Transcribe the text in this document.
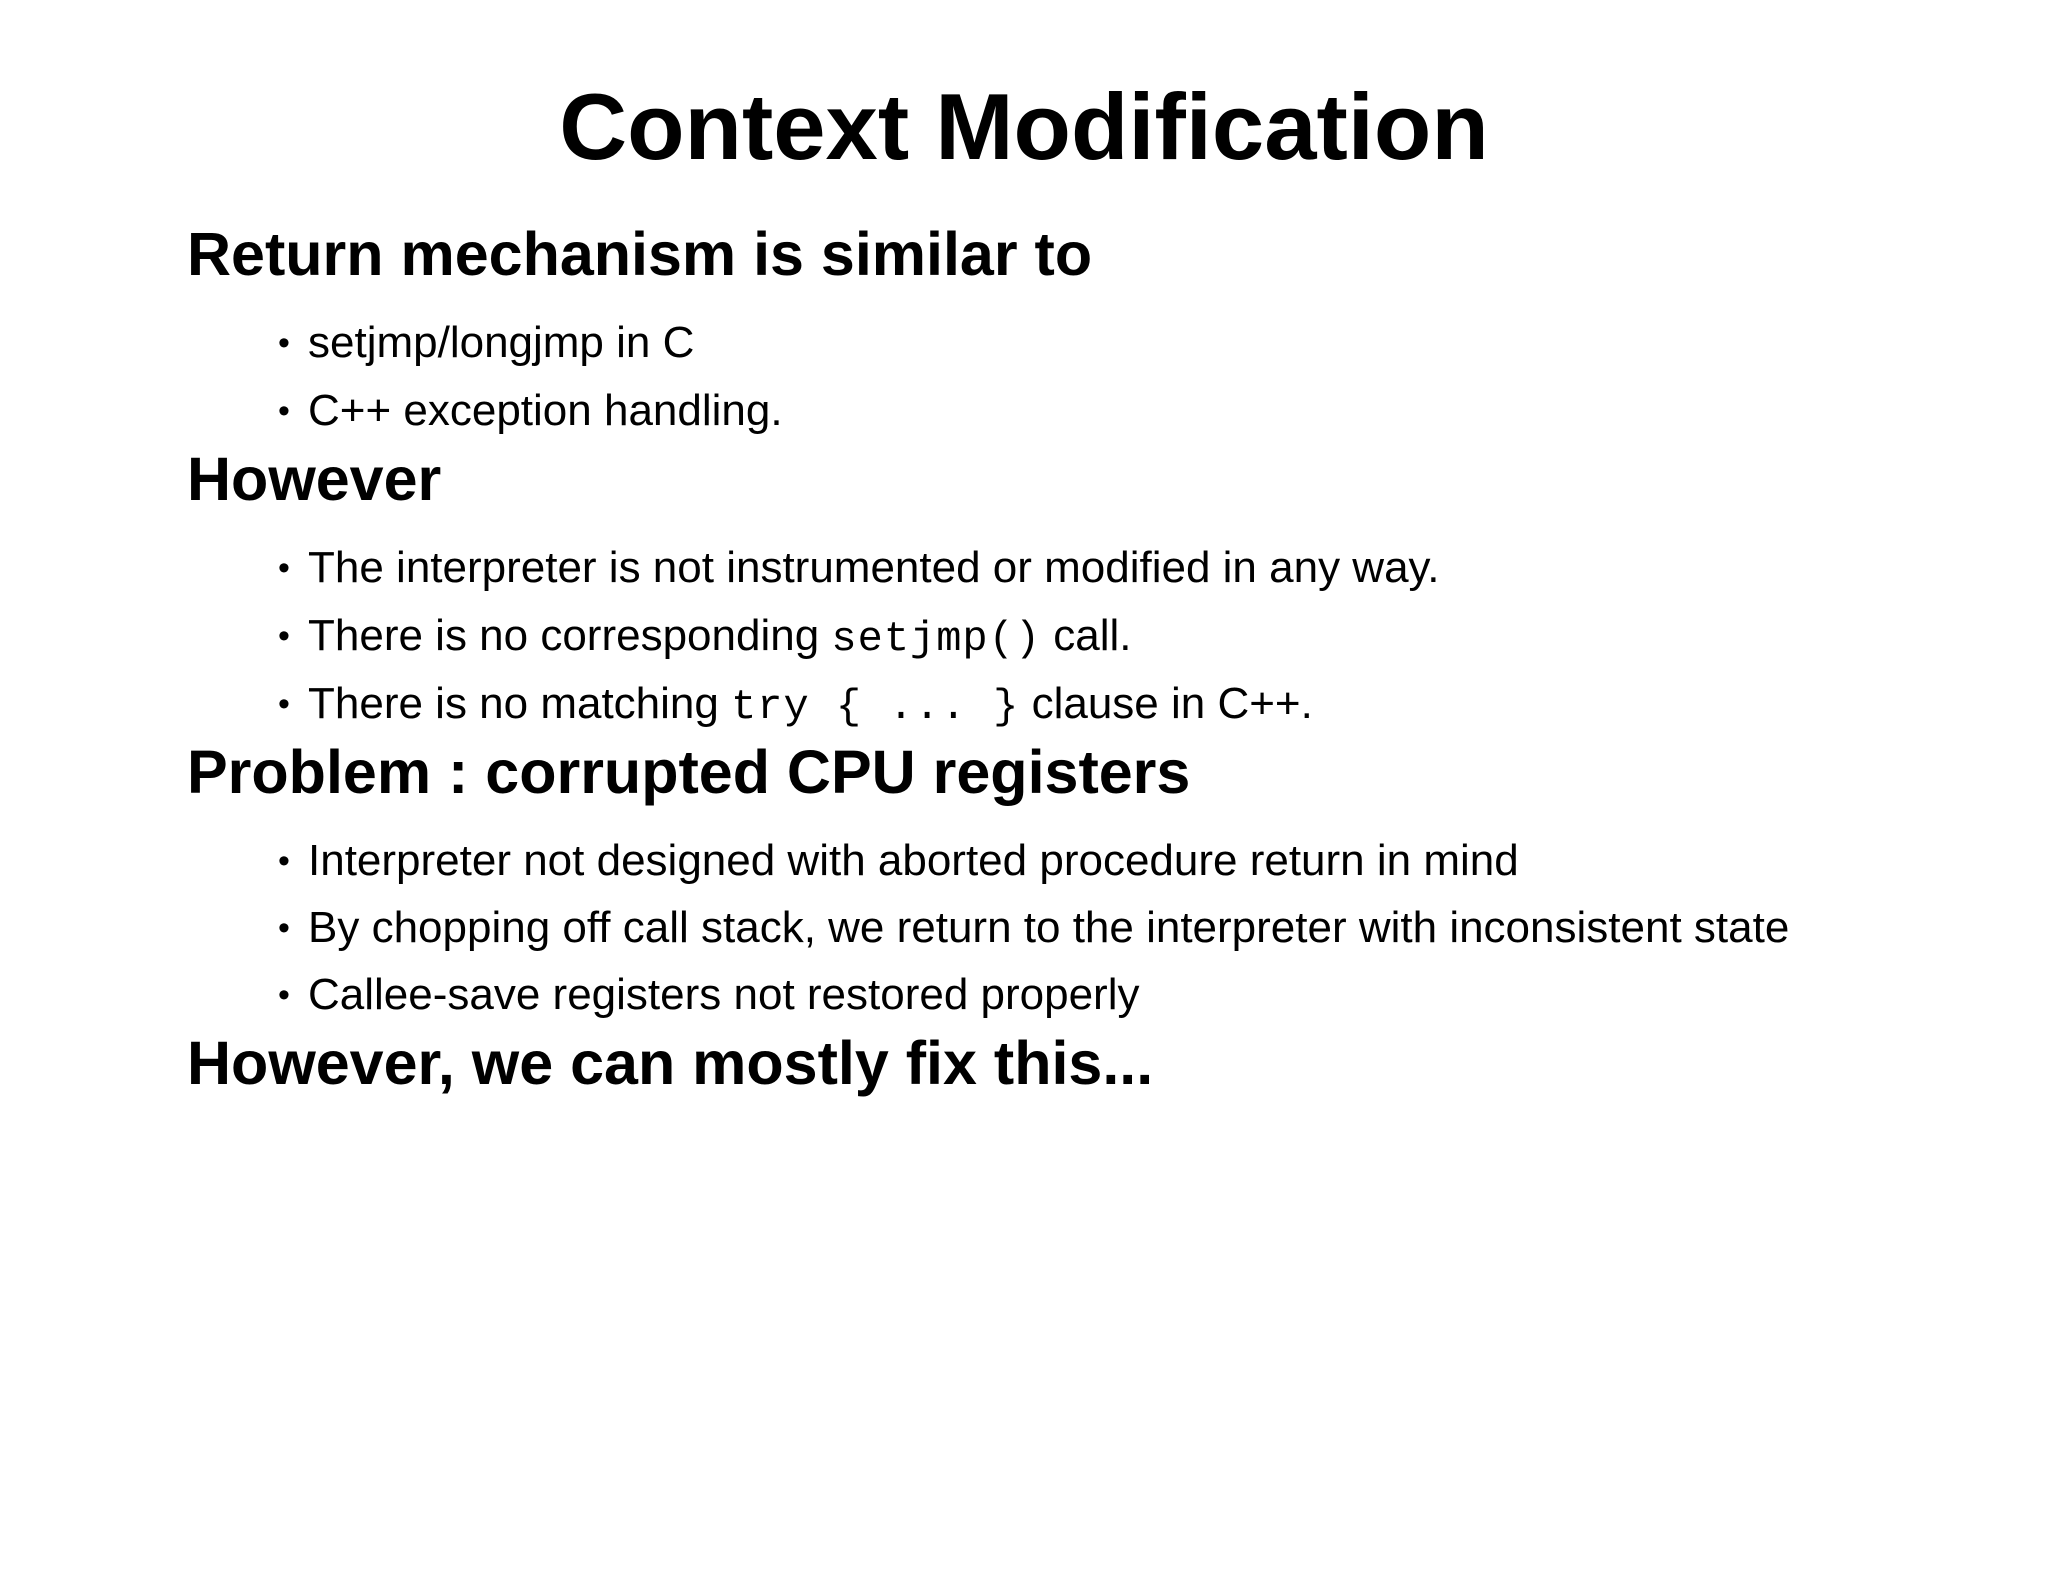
Context Modification
Return mechanism is similar to
• setjmp/longjmp in C
• C++ exception handling.
However
• The interpreter is not instrumented or modified in any way.
• There is no corresponding setjmp() call.
• There is no matching try { ... } clause in C++.
Problem : corrupted CPU registers
• Interpreter not designed with aborted procedure return in mind
• By chopping off call stack, we return to the interpreter with inconsistent state
• Callee-save registers not restored properly
However, we can mostly fix this...
